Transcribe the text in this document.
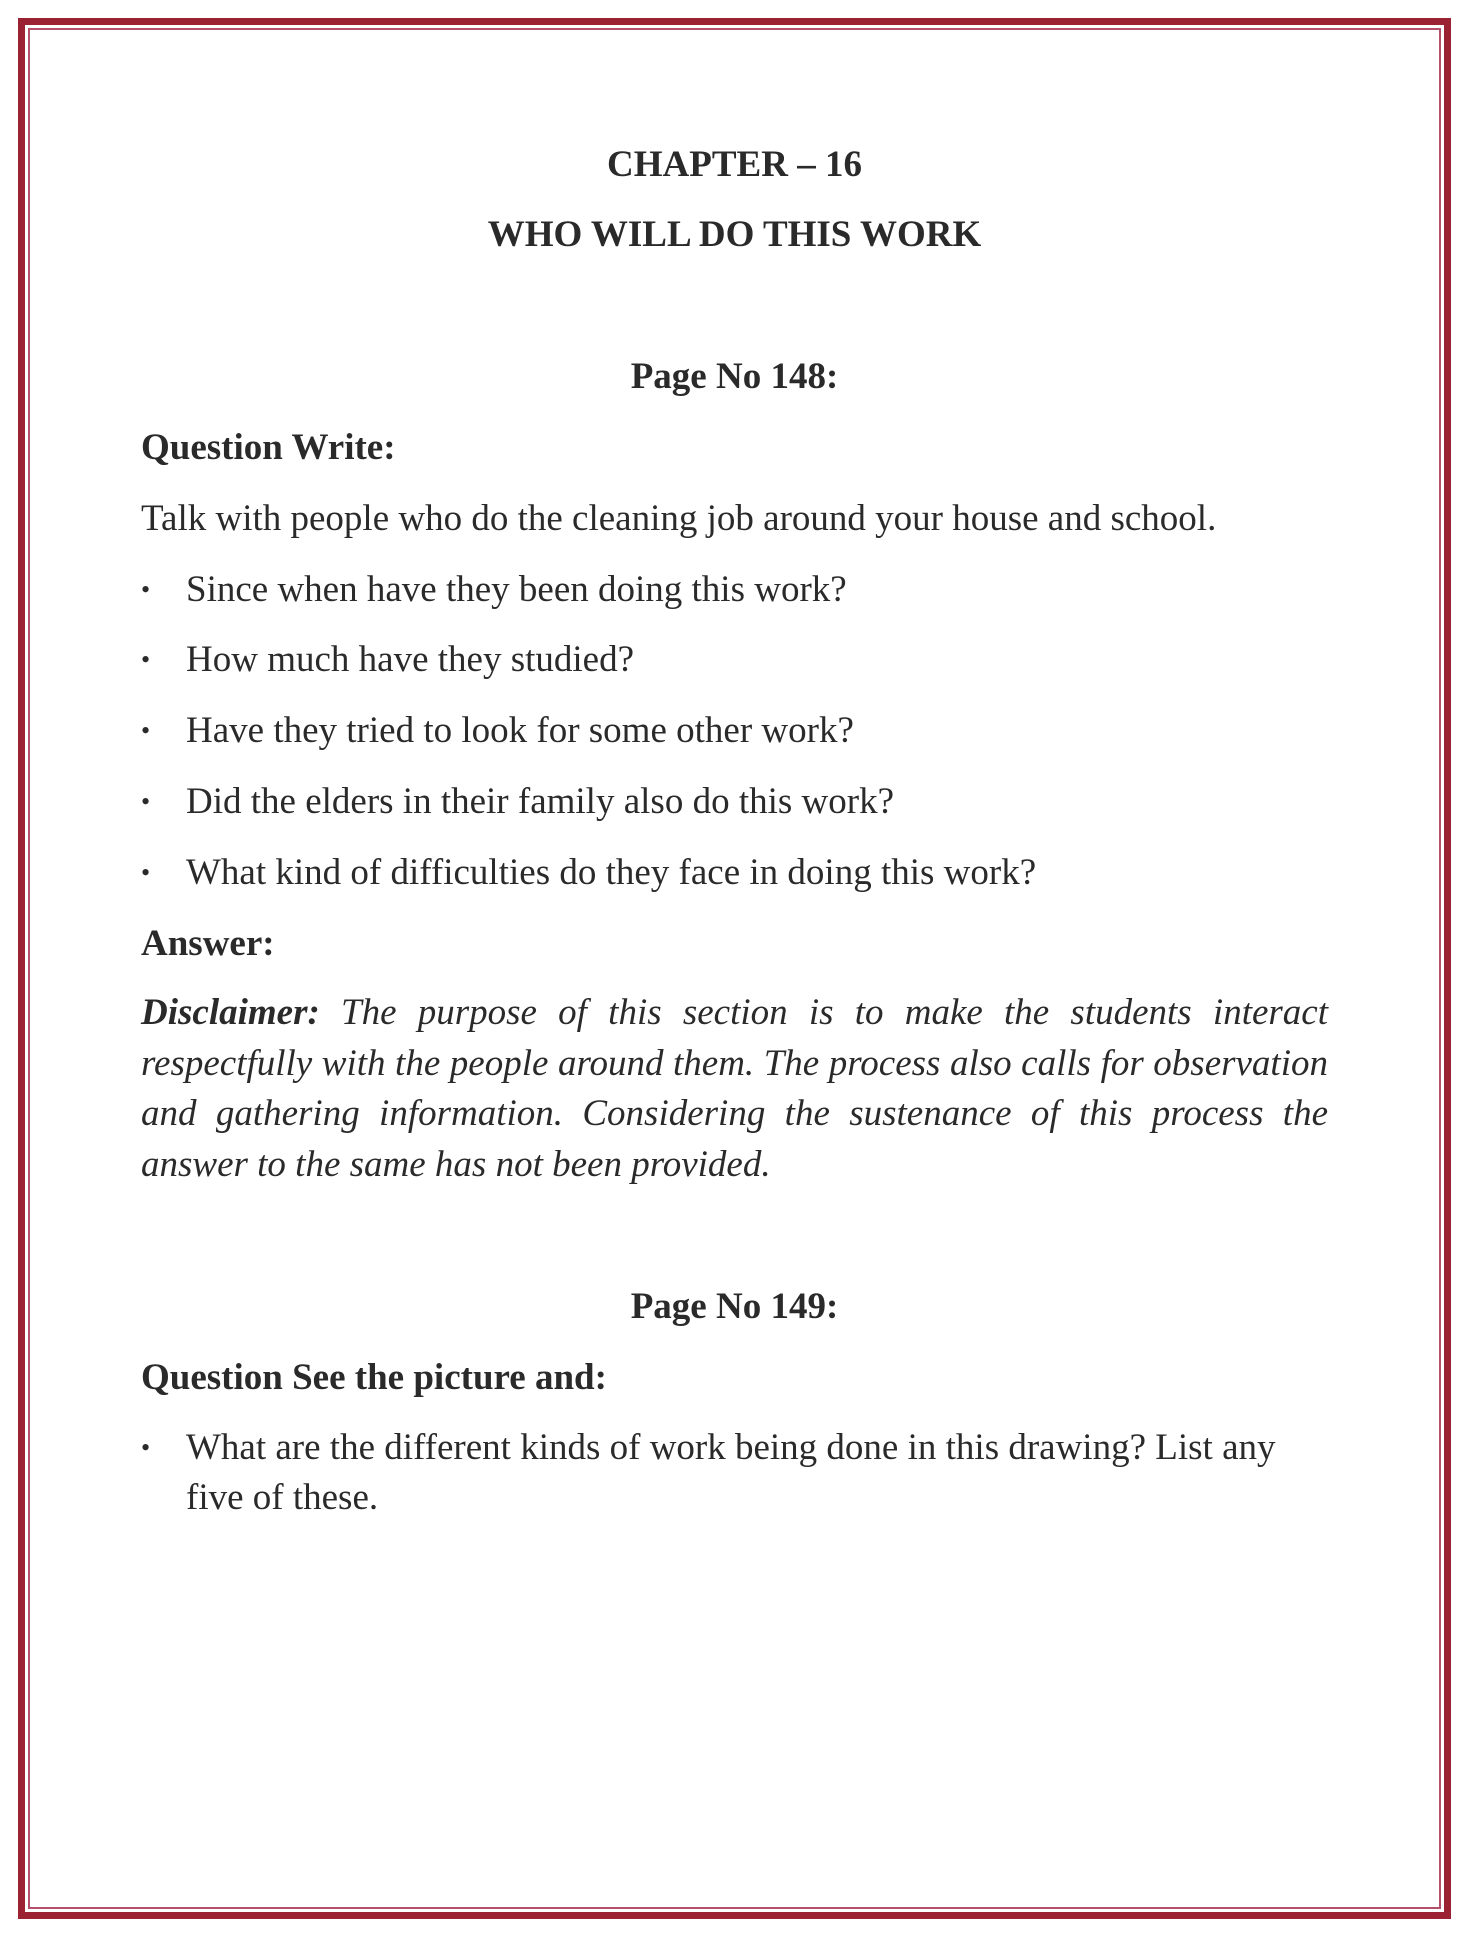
CHAPTER – 16
WHO WILL DO THIS WORK
Page No 148:
Question Write:
Talk with people who do the cleaning job around your house and school.
• Since when have they been doing this work?
• How much have they studied?
• Have they tried to look for some other work?
• Did the elders in their family also do this work?
• What kind of difficulties do they face in doing this work?
Answer:
Disclaimer: The purpose of this section is to make the students interact respectfully with the people around them. The process also calls for observation and gathering information. Considering the sustenance of this process the answer to the same has not been provided.
Page No 149:
Question See the picture and:
• What are the different kinds of work being done in this drawing? List any five of these.
